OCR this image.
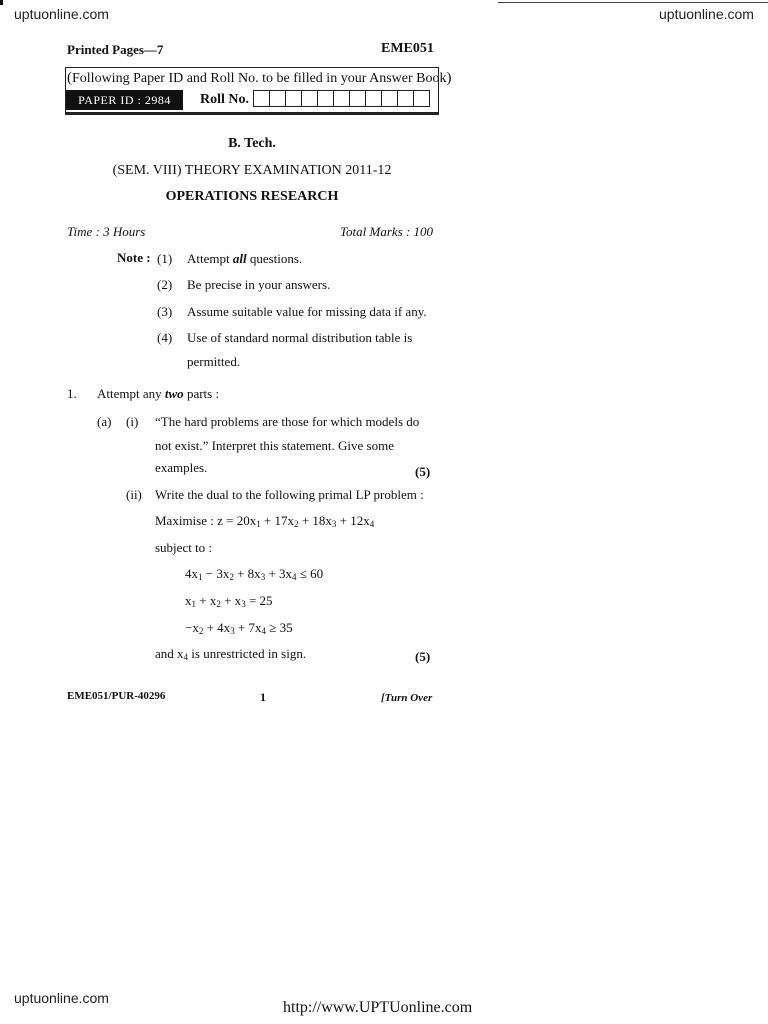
uptuonline.com	uptuonline.com
Printed Pages—7	EME051
(Following Paper ID and Roll No. to be filled in your Answer Book)
PAPER ID : 2984	Roll No.
B. Tech.
(SEM. VIII) THEORY EXAMINATION 2011-12
OPERATIONS RESEARCH
Time : 3 Hours	Total Marks : 100
Note : (1) Attempt all questions.
(2) Be precise in your answers.
(3) Assume suitable value for missing data if any.
(4) Use of standard normal distribution table is
permitted.
1. Attempt any two parts :
(a) (i) “The hard problems are those for which models do
not exist.” Interpret this statement. Give some
examples.	(5)
(ii) Write the dual to the following primal LP problem :
Maximise : $z = 20x_1 + 17x_2 + 18x_3 + 12x_4$
subject to :
$4x_1 - 3x_2 + 8x_3 + 3x_4 \le 60$
$x_1 + x_2 + x_3 = 25$
$-x_2 + 4x_3 + 7x_4 \ge 35$
and $x_4$ is unrestricted in sign.	(5)
EME051/PUR-40296	1	[Turn Over
uptuonline.com
http://www.UPTUonline.com
